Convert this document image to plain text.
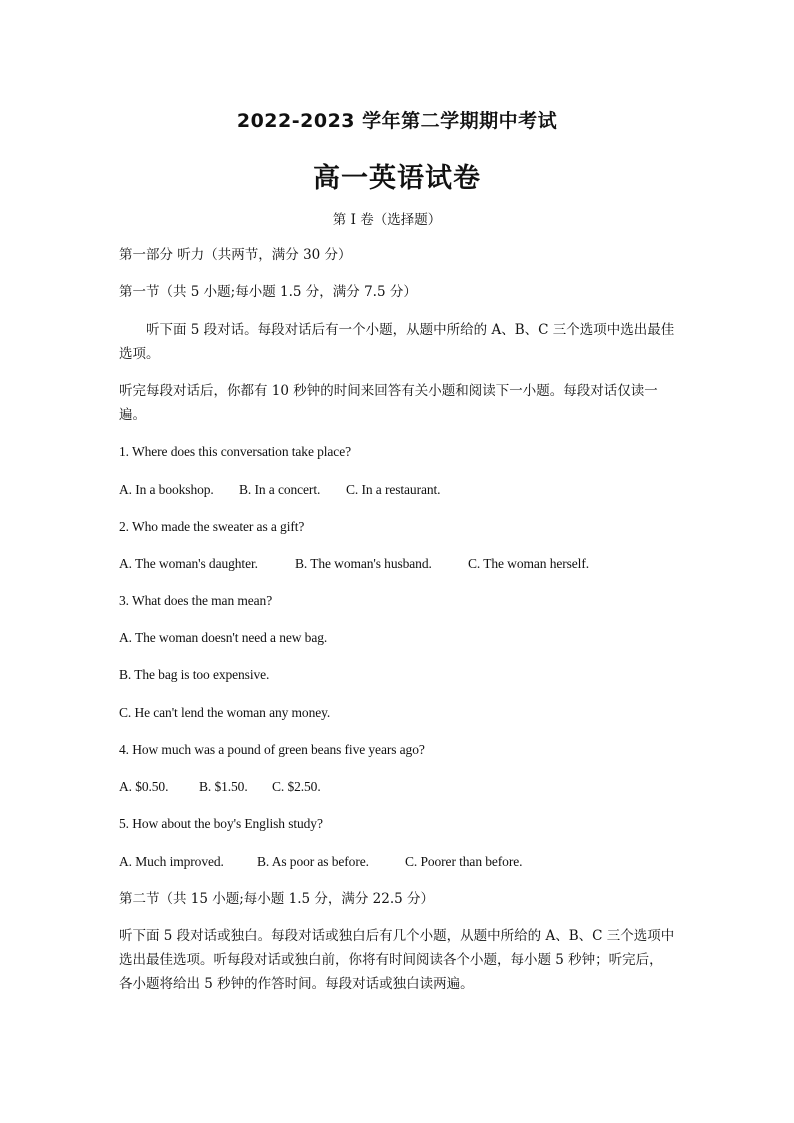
2022-2023 学年第二学期期中考试
高一英语试卷
第 I 卷（选择题）
第一部分 听力（共两节，满分 30 分）
第一节（共 5 小题;每小题 1.5 分，满分 7.5 分）
听下面 5 段对话。每段对话后有一个小题，从题中所给的 A、B、C 三个选项中选出最佳选项。
听完每段对话后，你都有 10 秒钟的时间来回答有关小题和阅读下一小题。每段对话仅读一遍。
1. Where does this conversation take place?
A. In a bookshop. B. In a concert. C. In a restaurant.
2. Who made the sweater as a gift?
A. The woman's daughter.	B. The woman's husband.	C. The woman herself.
3. What does the man mean?
A. The woman doesn't need a new bag.
B. The bag is too expensive.
C. He can't lend the woman any money.
4. How much was a pound of green beans five years ago?
A. $0.50. B. $1.50. C. $2.50.
5. How about the boy's English study?
A. Much improved. B. As poor as before.	C. Poorer than before.
第二节（共 15 小题;每小题 1.5 分，满分 22.5 分）
听下面 5 段对话或独白。每段对话或独白后有几个小题，从题中所给的 A、B、C 三个选项中选出最佳选项。听每段对话或独白前，你将有时间阅读各个小题，每小题 5 秒钟；听完后，各小题将给出 5 秒钟的作答时间。每段对话或独白读两遍。
